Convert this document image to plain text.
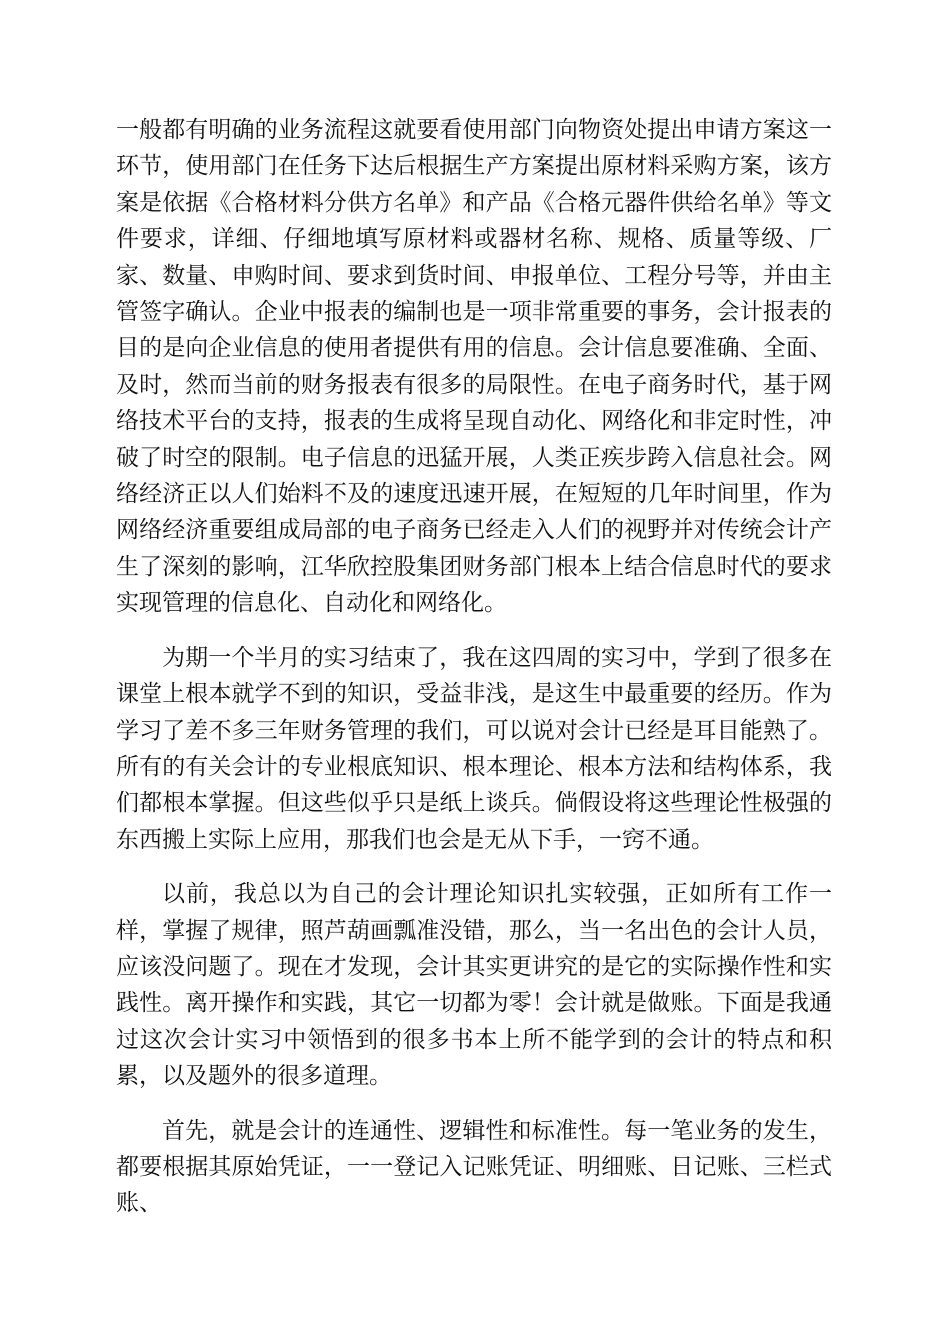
一般都有明确的业务流程这就要看使用部门向物资处提出申请方案这一环节，使用部门在任务下达后根据生产方案提出原材料采购方案，该方案是依据《合格材料分供方名单》和产品《合格元器件供给名单》等文件要求，详细、仔细地填写原材料或器材名称、规格、质量等级、厂家、数量、申购时间、要求到货时间、申报单位、工程分号等，并由主管签字确认。企业中报表的编制也是一项非常重要的事务，会计报表的目的是向企业信息的使用者提供有用的信息。会计信息要准确、全面、及时，然而当前的财务报表有很多的局限性。在电子商务时代，基于网络技术平台的支持，报表的生成将呈现自动化、网络化和非定时性，冲破了时空的限制。电子信息的迅猛开展，人类正疾步跨入信息社会。网络经济正以人们始料不及的速度迅速开展，在短短的几年时间里，作为网络经济重要组成局部的电子商务已经走入人们的视野并对传统会计产生了深刻的影响，江华欣控股集团财务部门根本上结合信息时代的要求实现管理的信息化、自动化和网络化。

为期一个半月的实习结束了，我在这四周的实习中，学到了很多在课堂上根本就学不到的知识，受益非浅，是这生中最重要的经历。作为学习了差不多三年财务管理的我们，可以说对会计已经是耳目能熟了。所有的有关会计的专业根底知识、根本理论、根本方法和结构体系，我们都根本掌握。但这些似乎只是纸上谈兵。倘假设将这些理论性极强的东西搬上实际上应用，那我们也会是无从下手，一窍不通。

以前，我总以为自己的会计理论知识扎实较强，正如所有工作一样，掌握了规律，照芦葫画瓢准没错，那么，当一名出色的会计人员，应该没问题了。现在才发现，会计其实更讲究的是它的实际操作性和实践性。离开操作和实践，其它一切都为零！会计就是做账。下面是我通过这次会计实习中领悟到的很多书本上所不能学到的会计的特点和积累，以及题外的很多道理。

首先，就是会计的连通性、逻辑性和标准性。每一笔业务的发生，都要根据其原始凭证，一一登记入记账凭证、明细账、日记账、三栏式账、
